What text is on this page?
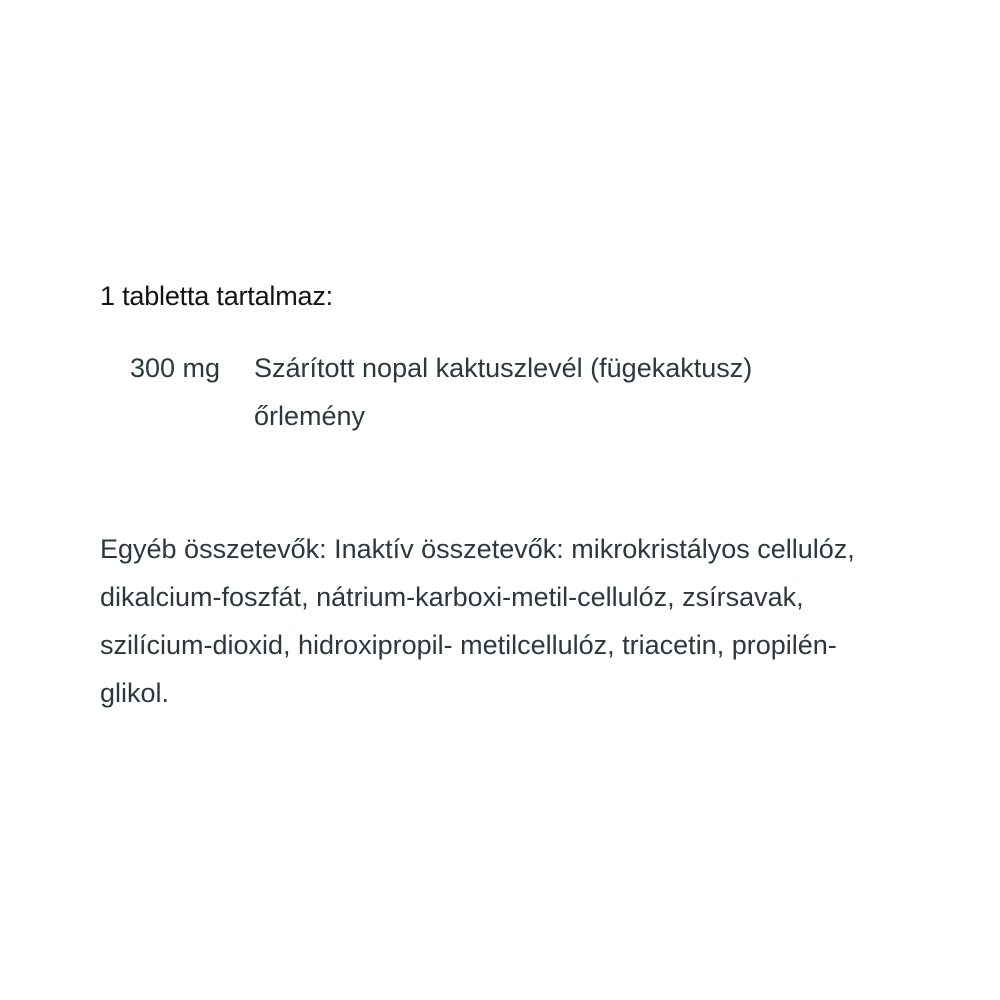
1 tabletta tartalmaz:

300 mg	Szárított nopal kaktuszlevél (fügekaktusz) őrlemény
Egyéb összetevők: Inaktív összetevők: mikrokristályos cellulóz, dikalcium-foszfát, nátrium-karboxi-metil-cellulóz, zsírsavak, szilícium-dioxid, hidroxipropil- metilcellulóz, triacetin, propilén-glikol.
